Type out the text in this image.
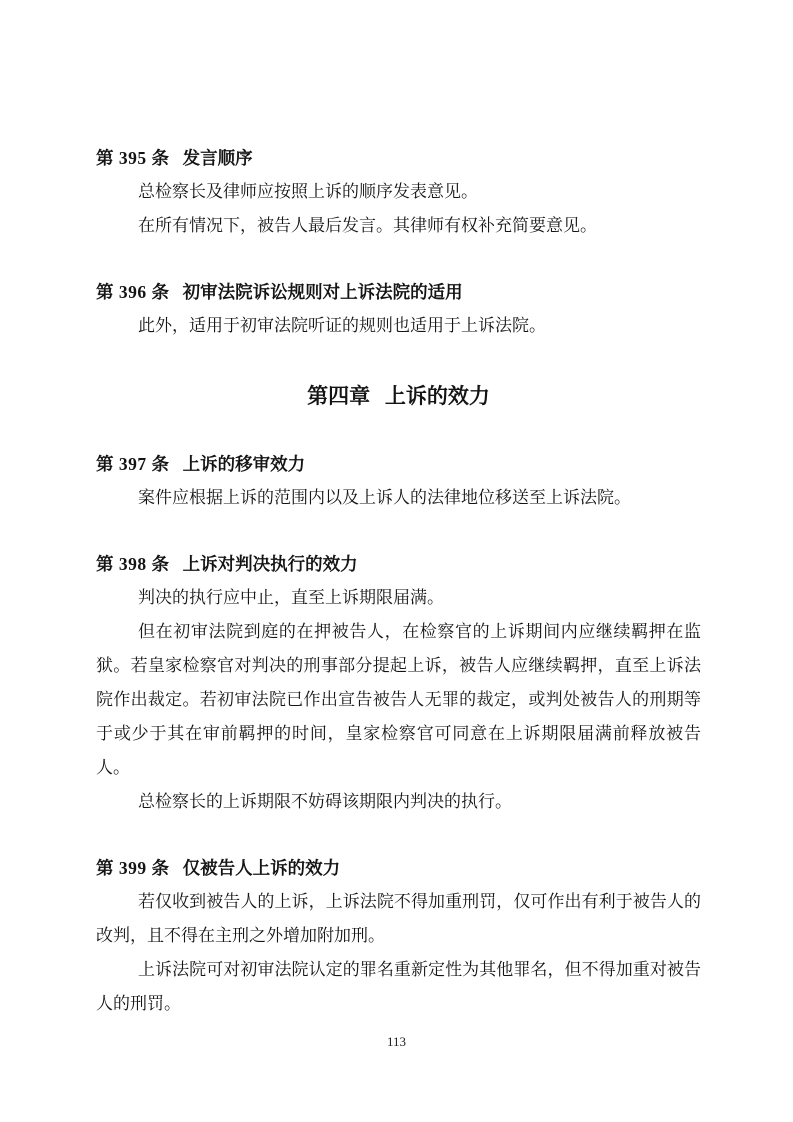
第 395 条 发言顺序

总检察长及律师应按照上诉的顺序发表意见。

在所有情况下，被告人最后发言。其律师有权补充简要意见。

第 396 条 初审法院诉讼规则对上诉法院的适用

此外，适用于初审法院听证的规则也适用于上诉法院。

第四章 上诉的效力
第 397 条 上诉的移审效力

案件应根据上诉的范围内以及上诉人的法律地位移送至上诉法院。

第 398 条 上诉对判决执行的效力

判决的执行应中止，直至上诉期限届满。

但在初审法院到庭的在押被告人，在检察官的上诉期间内应继续羁押在监狱。若皇家检察官对判决的刑事部分提起上诉，被告人应继续羁押，直至上诉法院作出裁定。若初审法院已作出宣告被告人无罪的裁定，或判处被告人的刑期等于或少于其在审前羁押的时间，皇家检察官可同意在上诉期限届满前释放被告人。

总检察长的上诉期限不妨碍该期限内判决的执行。

第 399 条 仅被告人上诉的效力

若仅收到被告人的上诉，上诉法院不得加重刑罚，仅可作出有利于被告人的改判，且不得在主刑之外增加附加刑。

上诉法院可对初审法院认定的罪名重新定性为其他罪名，但不得加重对被告人的刑罚。

113
